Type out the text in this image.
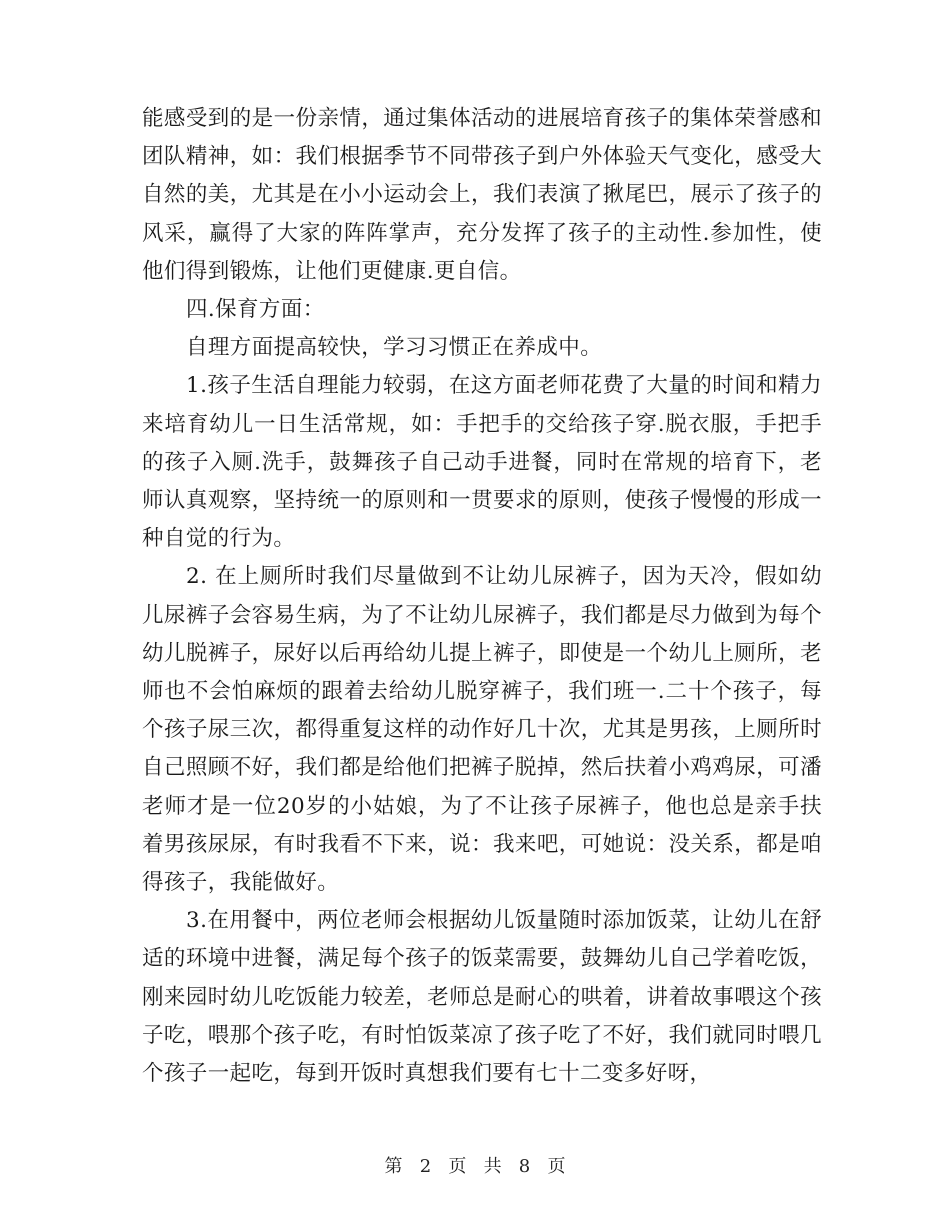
能感受到的是一份亲情，通过集体活动的进展培育孩子的集体荣誉感和团队精神，如：我们根据季节不同带孩子到户外体验天气变化，感受大自然的美，尤其是在小小运动会上，我们表演了揪尾巴，展示了孩子的风采，赢得了大家的阵阵掌声，充分发挥了孩子的主动性.参加性，使他们得到锻炼，让他们更健康.更自信。

四.保育方面：

自理方面提高较快，学习习惯正在养成中。

1.孩子生活自理能力较弱，在这方面老师花费了大量的时间和精力来培育幼儿一日生活常规，如：手把手的交给孩子穿.脱衣服，手把手的孩子入厕.洗手，鼓舞孩子自己动手进餐，同时在常规的培育下，老师认真观察，坚持统一的原则和一贯要求的原则，使孩子慢慢的形成一种自觉的行为。

2. 在上厕所时我们尽量做到不让幼儿尿裤子，因为天冷，假如幼儿尿裤子会容易生病，为了不让幼儿尿裤子，我们都是尽力做到为每个幼儿脱裤子，尿好以后再给幼儿提上裤子，即使是一个幼儿上厕所，老师也不会怕麻烦的跟着去给幼儿脱穿裤子，我们班一.二十个孩子，每个孩子尿三次，都得重复这样的动作好几十次，尤其是男孩，上厕所时自己照顾不好，我们都是给他们把裤子脱掉，然后扶着小鸡鸡尿，可潘老师才是一位20岁的小姑娘，为了不让孩子尿裤子，他也总是亲手扶着男孩尿尿，有时我看不下来，说：我来吧，可她说：没关系，都是咱得孩子，我能做好。

3.在用餐中，两位老师会根据幼儿饭量随时添加饭菜，让幼儿在舒适的环境中进餐，满足每个孩子的饭菜需要，鼓舞幼儿自己学着吃饭，刚来园时幼儿吃饭能力较差，老师总是耐心的哄着，讲着故事喂这个孩子吃，喂那个孩子吃，有时怕饭菜凉了孩子吃了不好，我们就同时喂几个孩子一起吃，每到开饭时真想我们要有七十二变多好呀，

第 2 页 共 8 页
